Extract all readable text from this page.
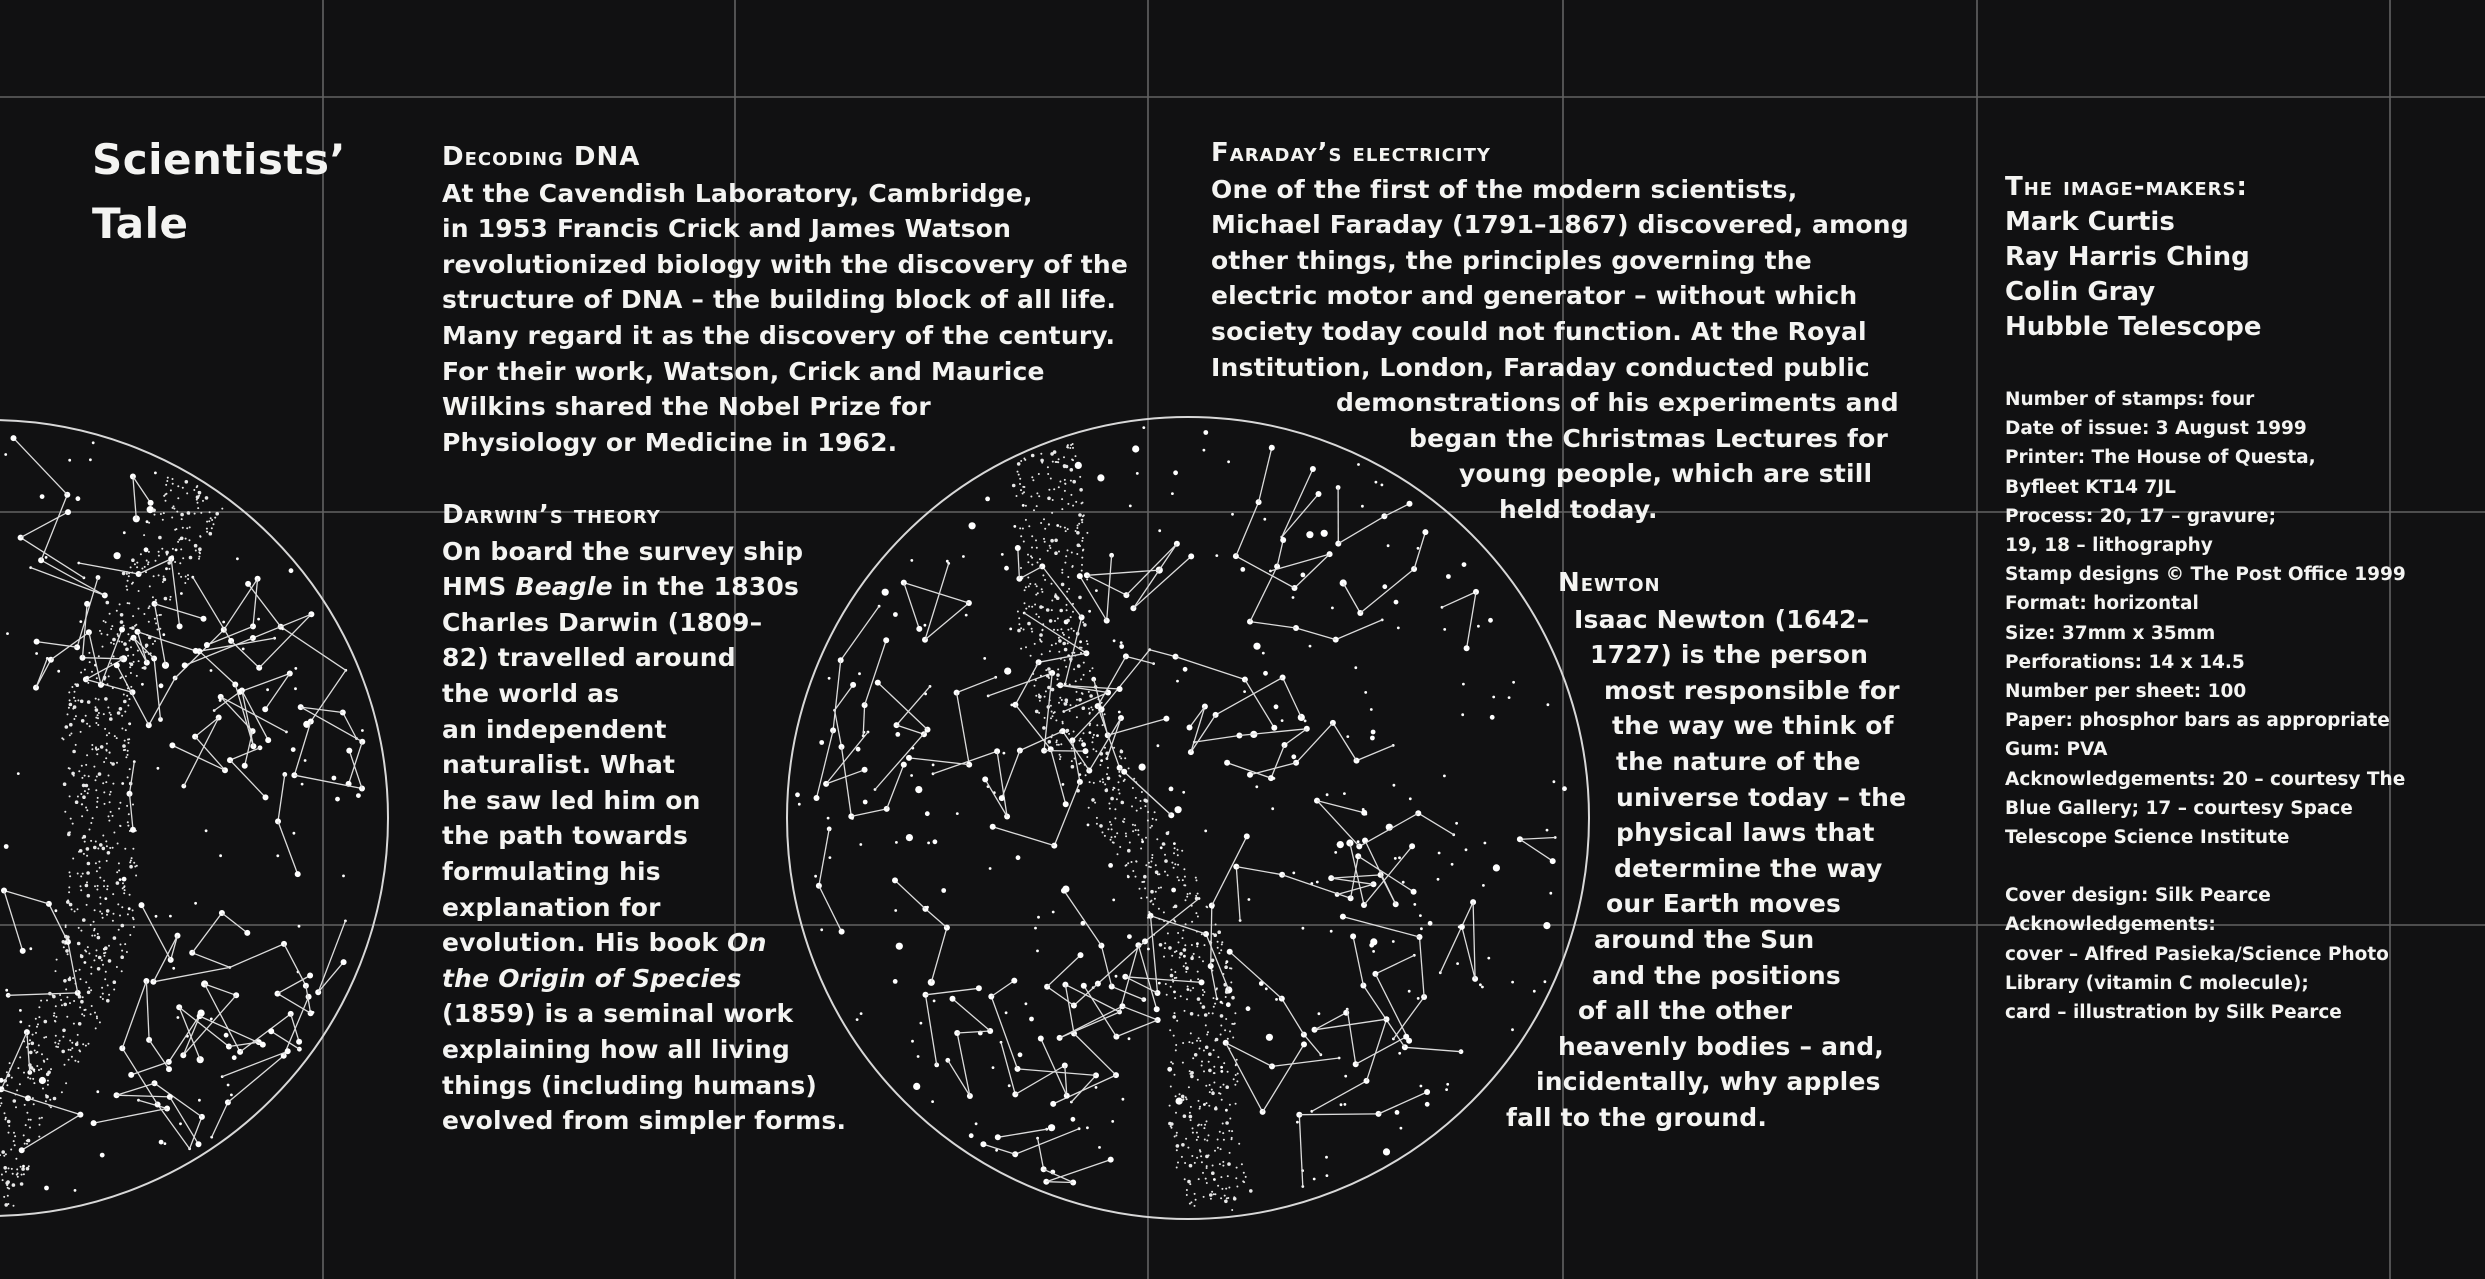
Scientists’
Tale
Decoding DNA
At the Cavendish Laboratory, Cambridge,
in 1953 Francis Crick and James Watson
revolutionized biology with the discovery of the
structure of DNA – the building block of all life.
Many regard it as the discovery of the century.
For their work, Watson, Crick and Maurice
Wilkins shared the Nobel Prize for
Physiology or Medicine in 1962.
Darwin’s theory
On board the survey ship
HMS Beagle in the 1830s
Charles Darwin (1809–
82) travelled around
the world as
an independent
naturalist. What
he saw led him on
the path towards
formulating his
explanation for
evolution. His book On
the Origin of Species
(1859) is a seminal work
explaining how all living
things (including humans)
evolved from simpler forms.
Faraday’s electricity
One of the first of the modern scientists,
Michael Faraday (1791–1867) discovered, among
other things, the principles governing the
electric motor and generator – without which
society today could not function. At the Royal
Institution, London, Faraday conducted public
demonstrations of his experiments and
began the Christmas Lectures for
young people, which are still
held today.
Newton
Isaac Newton (1642–
1727) is the person
most responsible for
the way we think of
the nature of the
universe today – the
physical laws that
determine the way
our Earth moves
around the Sun
and the positions
of all the other
heavenly bodies – and,
incidentally, why apples
fall to the ground.
The image-makers:
Mark Curtis
Ray Harris Ching
Colin Gray
Hubble Telescope
Number of stamps: four
Date of issue: 3 August 1999
Printer: The House of Questa,
Byfleet KT14 7JL
Process: 20, 17 – gravure;
19, 18 – lithography
Stamp designs © The Post Office 1999
Format: horizontal
Size: 37mm x 35mm
Perforations: 14 x 14.5
Number per sheet: 100
Paper: phosphor bars as appropriate
Gum: PVA
Acknowledgements: 20 – courtesy The
Blue Gallery; 17 – courtesy Space
Telescope Science Institute
Cover design: Silk Pearce
Acknowledgements:
cover – Alfred Pasieka/Science Photo
Library (vitamin C molecule);
card – illustration by Silk Pearce
